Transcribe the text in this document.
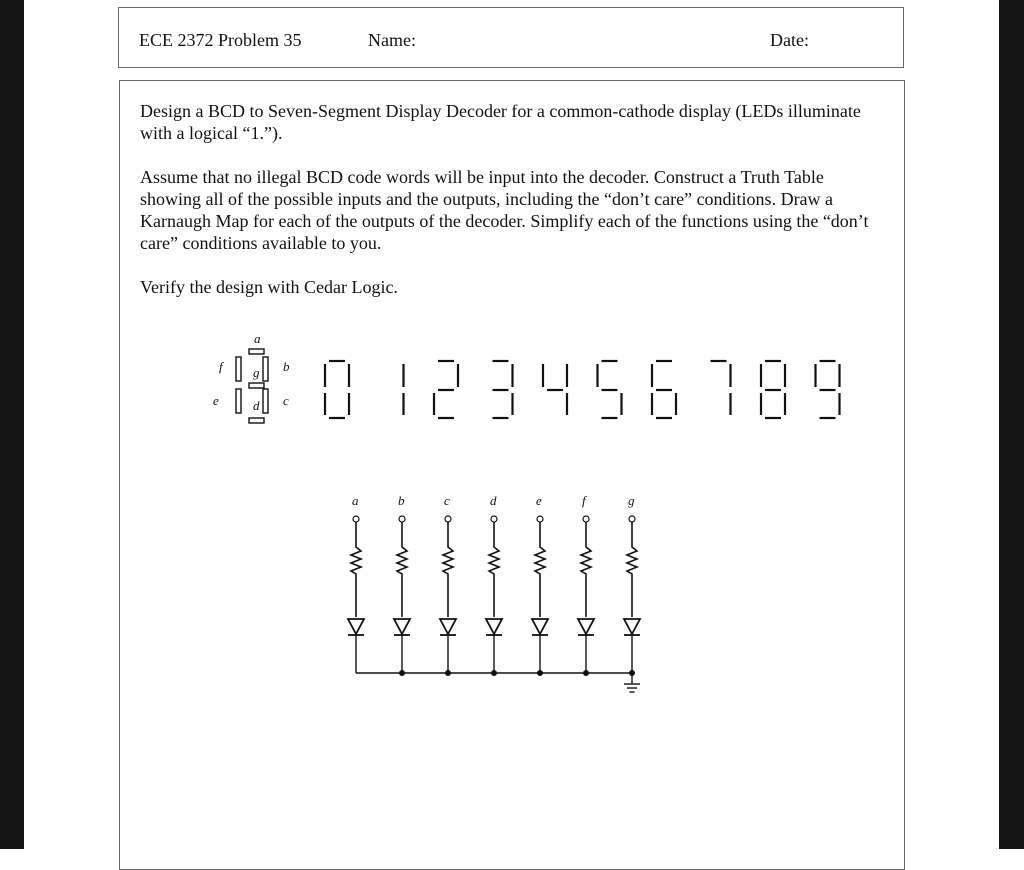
ECE 2372 Problem 35	Name:	Date:

Design a BCD to Seven-Segment Display Decoder for a common-cathode display (LEDs illuminate with a logical “1.”).

Assume that no illegal BCD code words will be input into the decoder. Construct a Truth Table showing all of the possible inputs and the outputs, including the “don’t care” conditions. Draw a Karnaugh Map for each of the outputs of the decoder. Simplify each of the functions using the “don’t care” conditions available to you.

Verify the design with Cedar Logic.

a
b
c
d
e
f g
a	b	c	d	e	f	g
